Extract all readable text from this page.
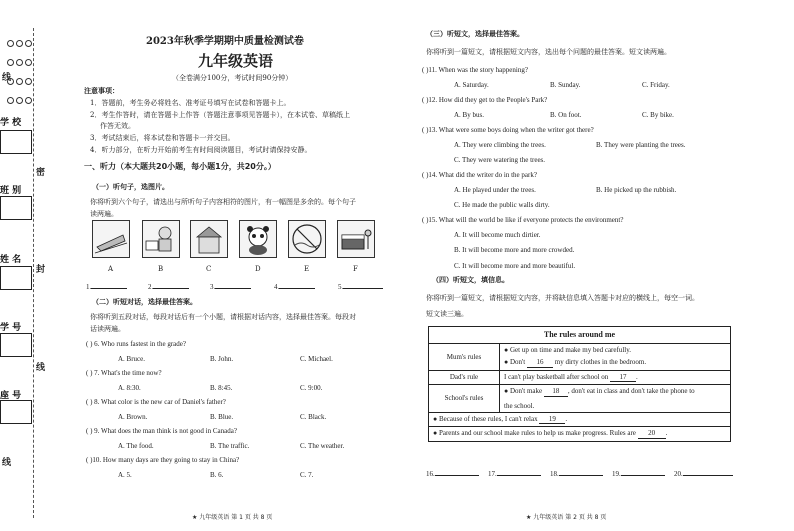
线
学 校
密
班 别
封
姓 名
学 号
线
座 号
线
2023年秋季学期期中质量检测试卷
九年级英语
（全卷满分100分，考试时间90分钟）
注意事项：
1．答题前，考生务必将姓名、准考证号填写在试卷和答题卡上。
2．考生作答时，请在答题卡上作答（答题注意事项见答题卡），在本试卷、草稿纸上
作答无效。
3．考试结束后，将本试卷和答题卡一并交回。
4．听力部分，在听力开始前考生有时间阅读题目，考试时请保持安静。
一、听力（本大题共20小题，每小题1分，共20分。）
（一）听句子，选图片。
你将听到六个句子，请选出与所听句子内容相符的图片，有一幅图是多余的。每个句子
读两遍。
A	B	C	D	E	F
1.	2.	3.	4.	5.
（二）听短对话，选择最佳答案。
你将听到五段对话，每段对话后有一个小题，请根据对话内容，选择最佳答案。每段对
话读两遍。
( ) 6. Who runs fastest in the grade?
A. Bruce.	B. John.	C. Michael.
( ) 7. What's the time now?
A. 8:30.	B. 8:45.	C. 9:00.
( ) 8. What color is the new car of Daniel's father?
A. Brown.	B. Blue.	C. Black.
( ) 9. What does the man think is not good in Canada?
A. The food.	B. The traffic.	C. The weather.
( )10. How many days are they going to stay in China?
A. 5.	B. 6.	C. 7.
★ 九年级英语 第 1 页 共 8 页
（三）听短文，选择最佳答案。
你将听到一篇短文，请根据短文内容，选出每个问题的最佳答案。短文读两遍。
( )11. When was the story happening?
A. Saturday.	B. Sunday.	C. Friday.
( )12. How did they get to the People's Park?
A. By bus.	B. On foot.	C. By bike.
( )13. What were some boys doing when the writer got there?
A. They were climbing the trees.	B. They were planting the trees.
C. They were watering the trees.
( )14. What did the writer do in the park?
A. He played under the trees.	B. He picked up the rubbish.
C. He made the public walls dirty.
( )15. What will the world be like if everyone protects the environment?
A. It will become much dirtier.
B. It will become more and more crowded.
C. It will become more and more beautiful.
（四）听短文，填信息。
你将听到一篇短文，请根据短文内容，并将缺信息填入答题卡对应的横线上，每空一词。
短文读三遍。
The rules around me	
Mum's rules	● Get up on time and make my bed carefully.
● Don't 16 my dirty clothes in the bedroom.

Dad's rule	I can't play basketball after school on 17 .
School's rules	● Don't make 18 , don't eat in class and don't take the phone to
the school.

● Because of these rules, I can't relax 19 .	
● Parents and our school make rules to help us make progress. Rules are 20 .	
16.	17.	18.	19.	20.
★ 九年级英语 第 2 页 共 8 页
